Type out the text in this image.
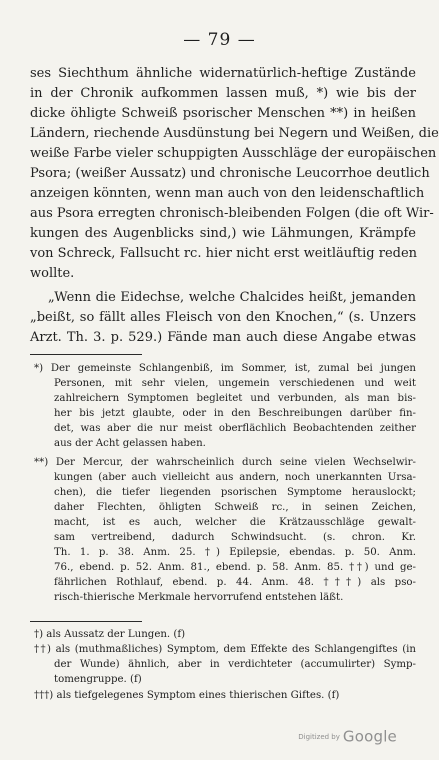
— 79 —
ses Siechthum ähnliche widernatürlich-heftige Zustände
in der Chronik aufkommen lassen muß, *) wie bis der
dicke öhligte Schweiß psorischer Menschen **) in heißen
Ländern, riechende Ausdünstung bei Negern und Weißen, die
weiße Farbe vieler schuppigten Ausschläge der europäischen
Psora; (weißer Aussatz) und chronische Leucorrhoe deutlich
anzeigen könnten, wenn man auch von den leidenschaftlich
aus Psora erregten chronisch-bleibenden Folgen (die oft Wir-
kungen des Augenblicks sind,) wie Lähmungen, Krämpfe
von Schreck, Fallsucht rc. hier nicht erst weitläuftig reden
wollte.
„Wenn die Eidechse, welche Chalcides heißt, jemanden
„beißt, so fällt alles Fleisch von den Knochen,“ (s. Unzers
Arzt. Th. 3. p. 529.) Fände man auch diese Angabe etwas
*) Der gemeinste Schlangenbiß, im Sommer, ist, zumal bei jungen
Personen, mit sehr vielen, ungemein verschiedenen und weit
zahlreichern Symptomen begleitet und verbunden, als man bis-
her bis jetzt glaubte, oder in den Beschreibungen darüber fin-
det, was aber die nur meist oberflächlich Beobachtenden zeither
aus der Acht gelassen haben.
**) Der Mercur, der wahrscheinlich durch seine vielen Wechselwir-
kungen (aber auch vielleicht aus andern, noch unerkannten Ursa-
chen), die tiefer liegenden psorischen Symptome herauslockt;
daher Flechten, öhligten Schweiß rc., in seinen Zeichen,
macht, ist es auch, welcher die Krätzausschläge gewalt-
sam vertreibend, dadurch Schwindsucht. (s. chron. Kr.
Th. 1. p. 38. Anm. 25. †) Epilepsie, ebendas. p. 50. Anm.
76., ebend. p. 52. Anm. 81., ebend. p. 58. Anm. 85. ††) und ge-
fährlichen Rothlauf, ebend. p. 44. Anm. 48. †††) als pso-
risch-thierische Merkmale hervorrufend entstehen läßt.
†) als Aussatz der Lungen. (f)
††) als (muthmaßliches) Symptom, dem Effekte des Schlangengiftes (in
der Wunde) ähnlich, aber in verdichteter (accumulirter) Symp-
tomengruppe. (f)
†††) als tiefgelegenes Symptom eines thierischen Giftes. (f)
Digitized by Google
